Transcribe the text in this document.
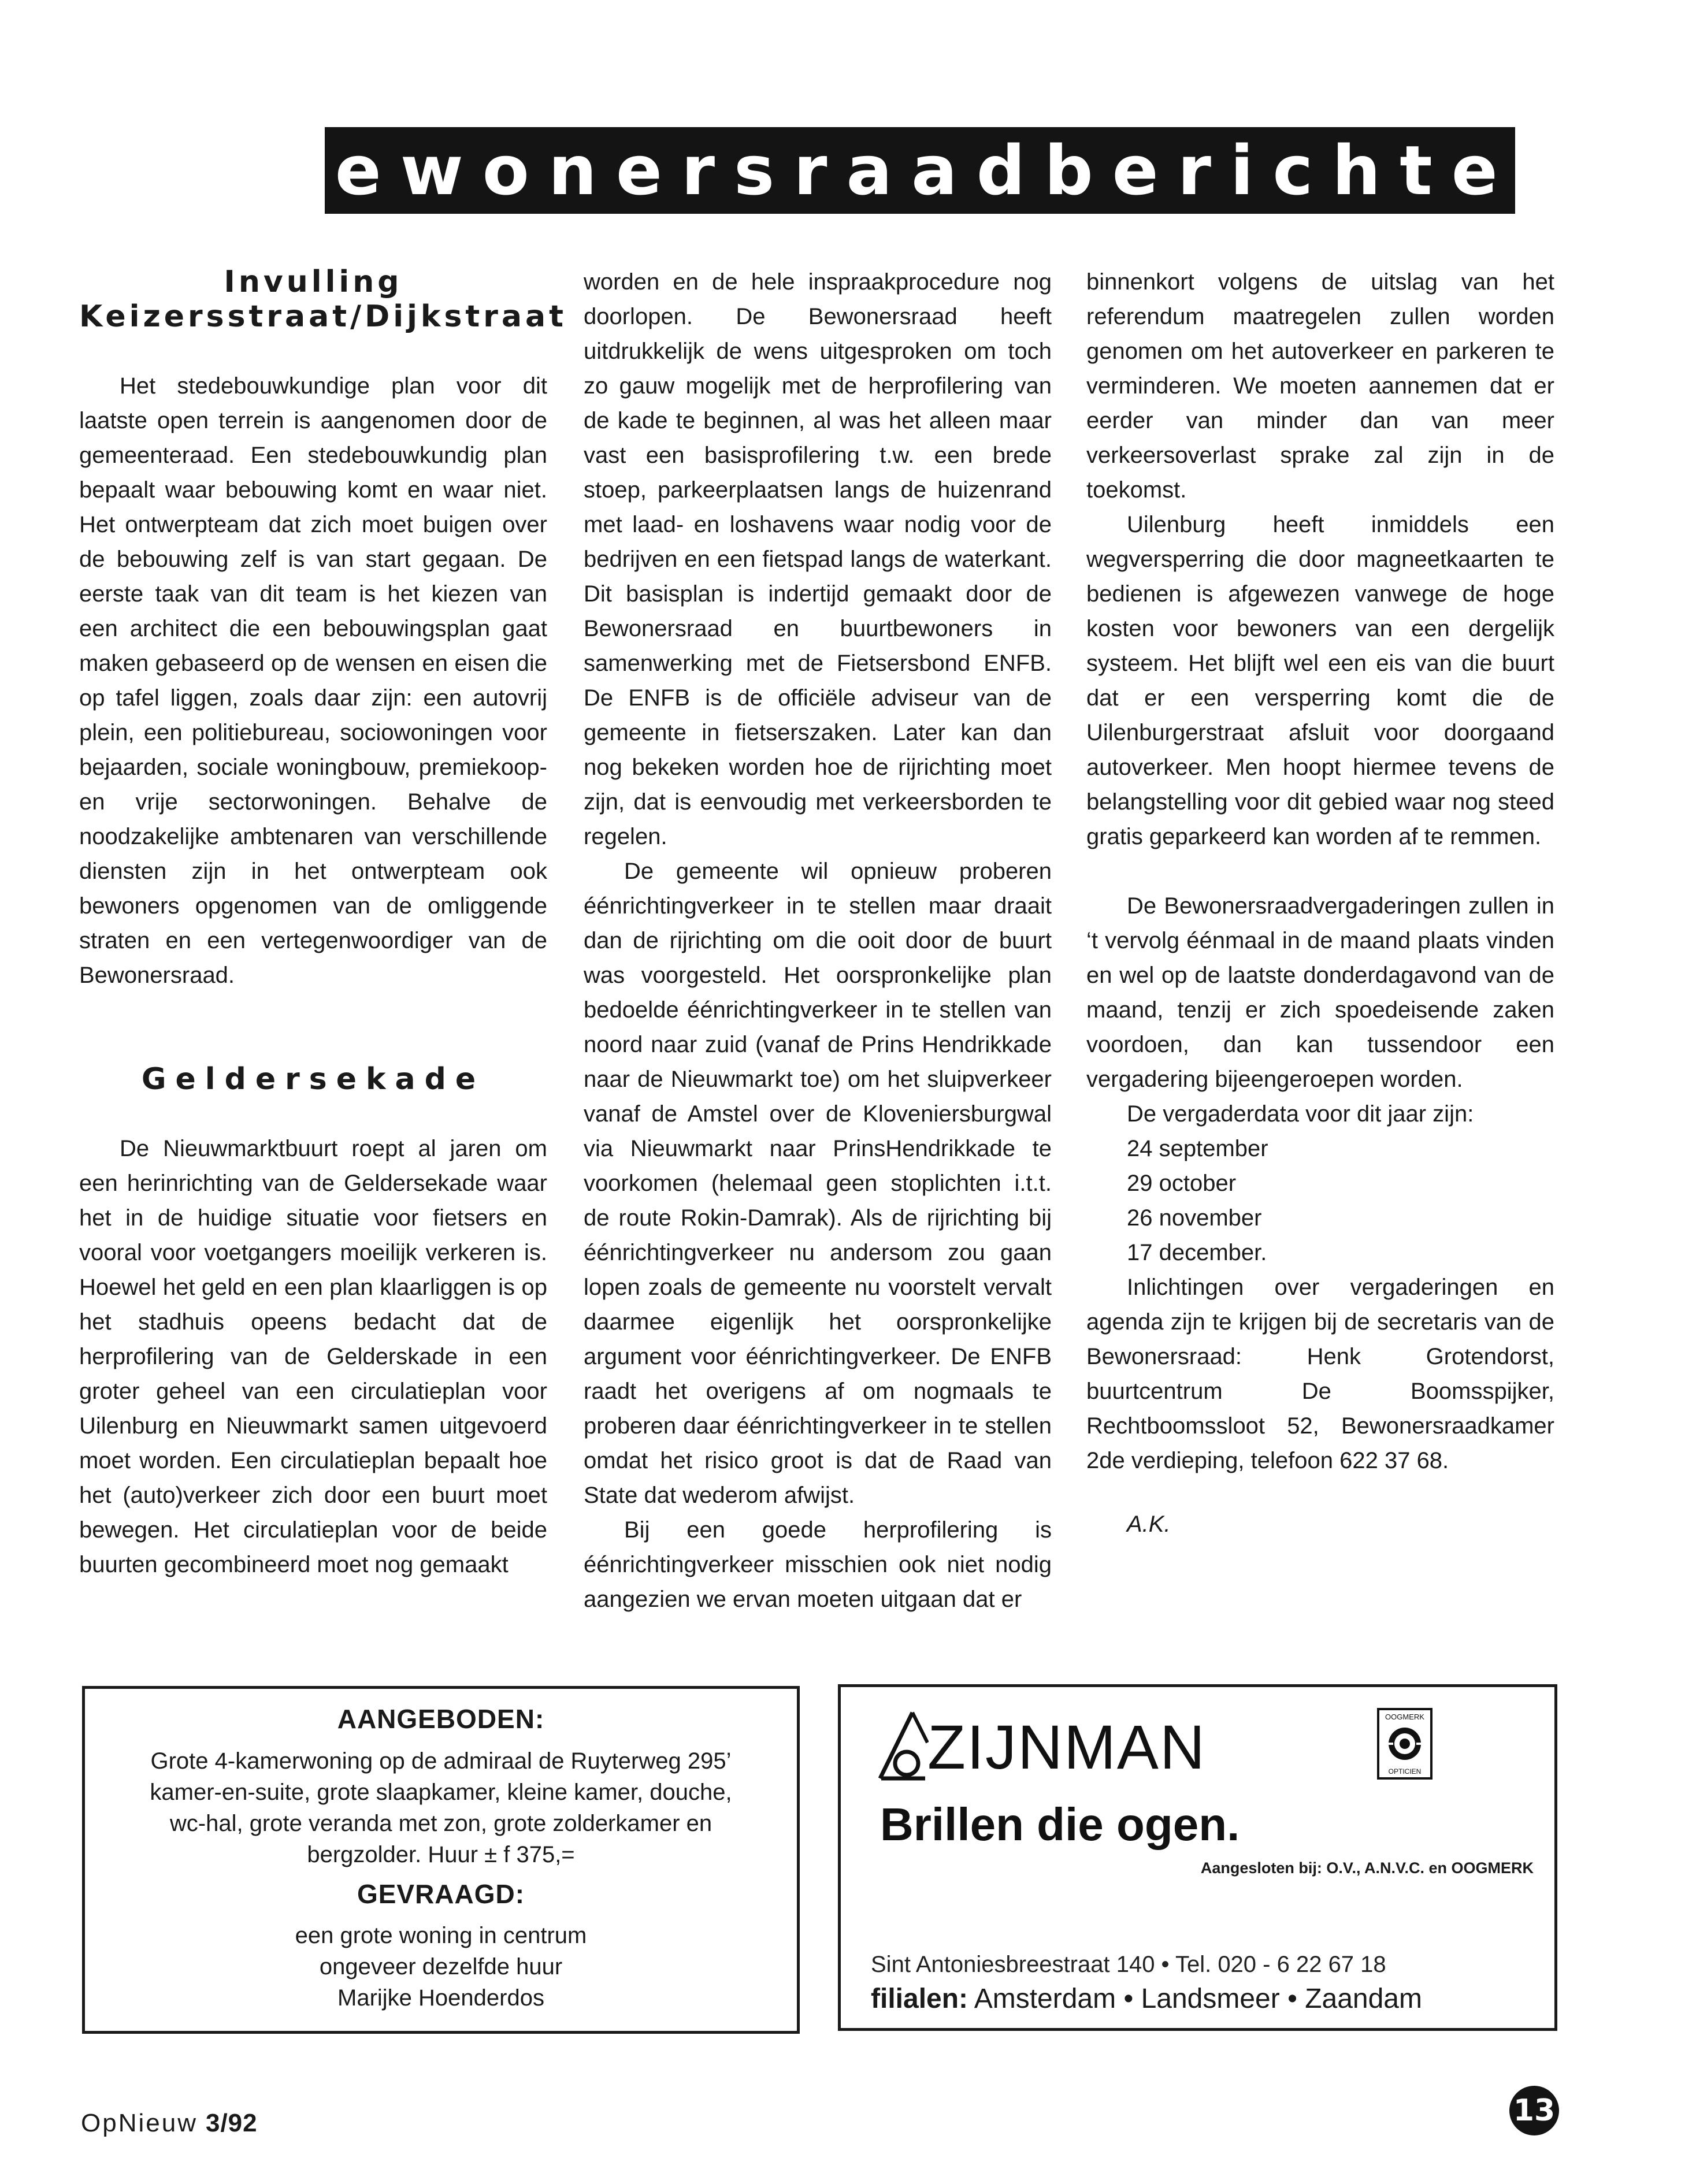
bewonersraadberichten
Invulling
Keizersstraat/Dijkstraat

Het stedebouwkundige plan voor dit laatste open terrein is aangenomen door de gemeenteraad. Een stedebouwkundig plan bepaalt waar bebouwing komt en waar niet. Het ontwerpteam dat zich moet buigen over de bebouwing zelf is van start gegaan. De eerste taak van dit team is het kiezen van een architect die een bebouwingsplan gaat maken gebaseerd op de wensen en eisen die op tafel liggen, zoals daar zijn: een autovrij plein, een politiebureau, sociowoningen voor bejaarden, sociale woningbouw, premiekoop- en vrije sectorwoningen. Behalve de noodzakelijke ambtenaren van verschillende diensten zijn in het ontwerpteam ook bewoners opgenomen van de omliggende straten en een vertegenwoordiger van de Bewonersraad.

Geldersekade

De Nieuwmarktbuurt roept al jaren om een herinrichting van de Geldersekade waar het in de huidige situatie voor fietsers en vooral voor voetgangers moeilijk verkeren is. Hoewel het geld en een plan klaarliggen is op het stadhuis opeens bedacht dat de herprofilering van de Gelderskade in een groter geheel van een circulatieplan voor Uilenburg en Nieuwmarkt samen uitgevoerd moet worden. Een circulatieplan bepaalt hoe het (auto)verkeer zich door een buurt moet bewegen. Het circulatieplan voor de beide buurten gecombineerd moet nog gemaakt

worden en de hele inspraakprocedure nog doorlopen. De Bewonersraad heeft uitdrukkelijk de wens uitgesproken om toch zo gauw mogelijk met de herprofilering van de kade te beginnen, al was het alleen maar vast een basisprofilering t.w. een brede stoep, parkeerplaatsen langs de huizenrand met laad- en loshavens waar nodig voor de bedrijven en een fietspad langs de waterkant. Dit basisplan is indertijd gemaakt door de Bewonersraad en buurtbewoners in samenwerking met de Fietsersbond ENFB. De ENFB is de officiële adviseur van de gemeente in fietserszaken. Later kan dan nog bekeken worden hoe de rijrichting moet zijn, dat is eenvoudig met verkeersborden te regelen.

De gemeente wil opnieuw proberen éénrichtingverkeer in te stellen maar draait dan de rijrichting om die ooit door de buurt was voorgesteld. Het oorspronkelijke plan bedoelde éénrichtingverkeer in te stellen van noord naar zuid (vanaf de Prins Hendrikkade naar de Nieuwmarkt toe) om het sluipverkeer vanaf de Amstel over de Kloveniersburgwal via Nieuwmarkt naar PrinsHendrikkade te voorkomen (helemaal geen stoplichten i.t.t. de route Rokin-Damrak). Als de rijrichting bij éénrichtingverkeer nu andersom zou gaan lopen zoals de gemeente nu voorstelt vervalt daarmee eigenlijk het oorspronkelijke argument voor éénrichtingverkeer. De ENFB raadt het overigens af om nogmaals te proberen daar éénrichtingverkeer in te stellen omdat het risico groot is dat de Raad van State dat wederom afwijst.

Bij een goede herprofilering is éénrichtingverkeer misschien ook niet nodig aangezien we ervan moeten uitgaan dat er

binnenkort volgens de uitslag van het referendum maatregelen zullen worden genomen om het autoverkeer en parkeren te verminderen. We moeten aannemen dat er eerder van minder dan van meer verkeersoverlast sprake zal zijn in de toekomst.

Uilenburg heeft inmiddels een wegversperring die door magneetkaarten te bedienen is afgewezen vanwege de hoge kosten voor bewoners van een dergelijk systeem. Het blijft wel een eis van die buurt dat er een versperring komt die de Uilenburgerstraat afsluit voor doorgaand autoverkeer. Men hoopt hiermee tevens de belangstelling voor dit gebied waar nog steed gratis geparkeerd kan worden af te remmen.

De Bewonersraadvergaderingen zullen in ‘t vervolg éénmaal in de maand plaats vinden en wel op de laatste donderdagavond van de maand, tenzij er zich spoedeisende zaken voordoen, dan kan tussendoor een vergadering bijeengeroepen worden.

De vergaderdata voor dit jaar zijn:

24 september
29 october
26 november
17 december.

Inlichtingen over vergaderingen en agenda zijn te krijgen bij de secretaris van de Bewonersraad: Henk Grotendorst, buurtcentrum De Boomsspijker, Rechtboomssloot 52, Bewonersraadkamer 2de verdieping, telefoon 622 37 68.

A.K.

AANGEBODEN:
Grote 4-kamerwoning op de admiraal de Ruyterweg 295’
kamer-en-suite, grote slaapkamer, kleine kamer, douche,
wc-hal, grote veranda met zon, grote zolderkamer en
bergzolder. Huur ± f 375,=
GEVRAAGD:
een grote woning in centrum
ongeveer dezelfde huur
Marijke Hoenderdos
ZIJNMAN
Brillen die ogen.
Aangesloten bij: O.V., A.N.V.C. en OOGMERK
OOGMERK
OPTICIEN
Sint Antoniesbreestraat 140 • Tel. 020 - 6 22 67 18
filialen: Amsterdam • Landsmeer • Zaandam
OpNieuw 3/92	13
